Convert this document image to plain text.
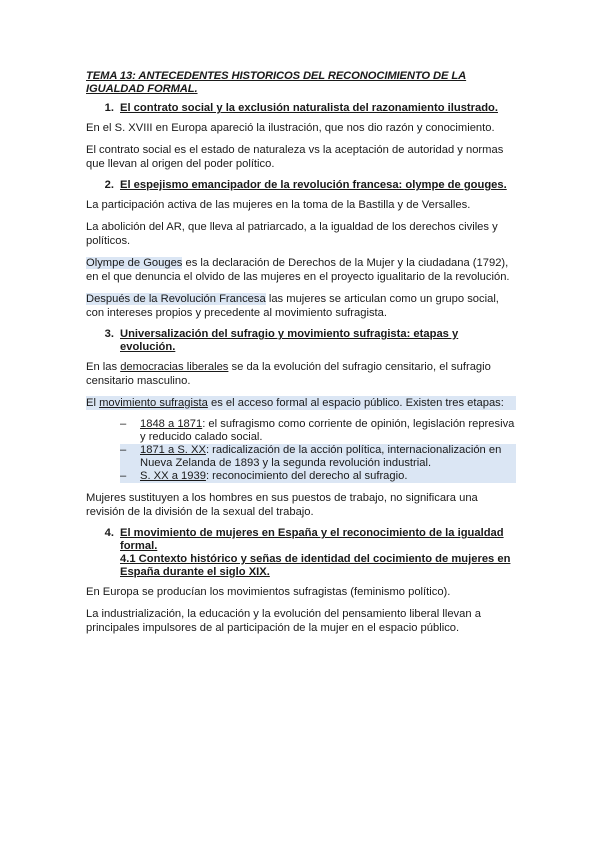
TEMA 13: ANTECEDENTES HISTORICOS DEL RECONOCIMIENTO DE LA IGUALDAD FORMAL.
1. El contrato social y la exclusión naturalista del razonamiento ilustrado.

En el S. XVIII en Europa apareció la ilustración, que nos dio razón y conocimiento.

El contrato social es el estado de naturaleza vs la aceptación de autoridad y normas que llevan al origen del poder político.

2. El espejismo emancipador de la revolución francesa: olympe de gouges.

La participación activa de las mujeres en la toma de la Bastilla y de Versalles.

La abolición del AR, que lleva al patriarcado, a la igualdad de los derechos civiles y políticos.

Olympe de Gouges es la declaración de Derechos de la Mujer y la ciudadana (1792), en el que denuncia el olvido de las mujeres en el proyecto igualitario de la revolución.

Después de la Revolución Francesa las mujeres se articulan como un grupo social, con intereses propios y precedente al movimiento sufragista.

3. Universalización del sufragio y movimiento sufragista: etapas y evolución.

En las democracias liberales se da la evolución del sufragio censitario, el sufragio censitario masculino.

El movimiento sufragista es el acceso formal al espacio público. Existen tres etapas:

– 1848 a 1871: el sufragismo como corriente de opinión, legislación represiva y reducido calado social.
– 1871 a S. XX: radicalización de la acción política, internacionalización en Nueva Zelanda de 1893 y la segunda revolución industrial.
– S. XX a 1939: reconocimiento del derecho al sufragio.

Mujeres sustituyen a los hombres en sus puestos de trabajo, no significara una revisión de la división de la sexual del trabajo.

4. El movimiento de mujeres en España y el reconocimiento de la igualdad formal.
4.1 Contexto histórico y señas de identidad del cocimiento de mujeres en España durante el siglo XIX.

En Europa se producían los movimientos sufragistas (feminismo político).

La industrialización, la educación y la evolución del pensamiento liberal llevan a principales impulsores de al participación de la mujer en el espacio público.
